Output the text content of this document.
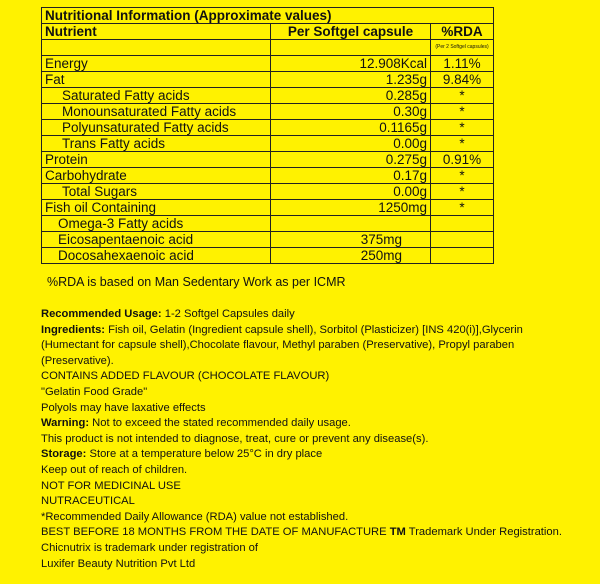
Nutritional Information (Approximate values)		
Nutrient	Per Softgel capsule	%RDA
		(Per 2 Softgel capsules)
Energy	12.908Kcal	1.11%
Fat	1.235g	9.84%
Saturated Fatty acids	0.285g	*
Monounsaturated Fatty acids	0.30g	*
Polyunsaturated Fatty acids	0.1165g	*
Trans Fatty acids	0.00g	*
Protein	0.275g	0.91%
Carbohydrate	0.17g	*
Total Sugars	0.00g	*
Fish oil Containing	1250mg	*
Omega-3 Fatty acids		
Eicosapentaenoic acid	375mg	
Docosahexaenoic acid	250mg	
%RDA is based on Man Sedentary Work as per ICMR

Recommended Usage: 1-2 Softgel Capsules daily

Ingredients: Fish oil, Gelatin (Ingredient capsule shell), Sorbitol (Plasticizer) [INS 420(i)],Glycerin (Humectant for capsule shell),Chocolate flavour, Methyl paraben (Preservative), Propyl paraben (Preservative).

CONTAINS ADDED FLAVOUR (CHOCOLATE FLAVOUR)

"Gelatin Food Grade"

Polyols may have laxative effects

Warning: Not to exceed the stated recommended daily usage.

This product is not intended to diagnose, treat, cure or prevent any disease(s).

Storage: Store at a temperature below 25°C in dry place

Keep out of reach of children.

NOT FOR MEDICINAL USE

NUTRACEUTICAL

*Recommended Daily Allowance (RDA) value not established.

BEST BEFORE 18 MONTHS FROM THE DATE OF MANUFACTURE TM Trademark Under Registration.

Chicnutrix is trademark under registration of

Luxifer Beauty Nutrition Pvt Ltd
